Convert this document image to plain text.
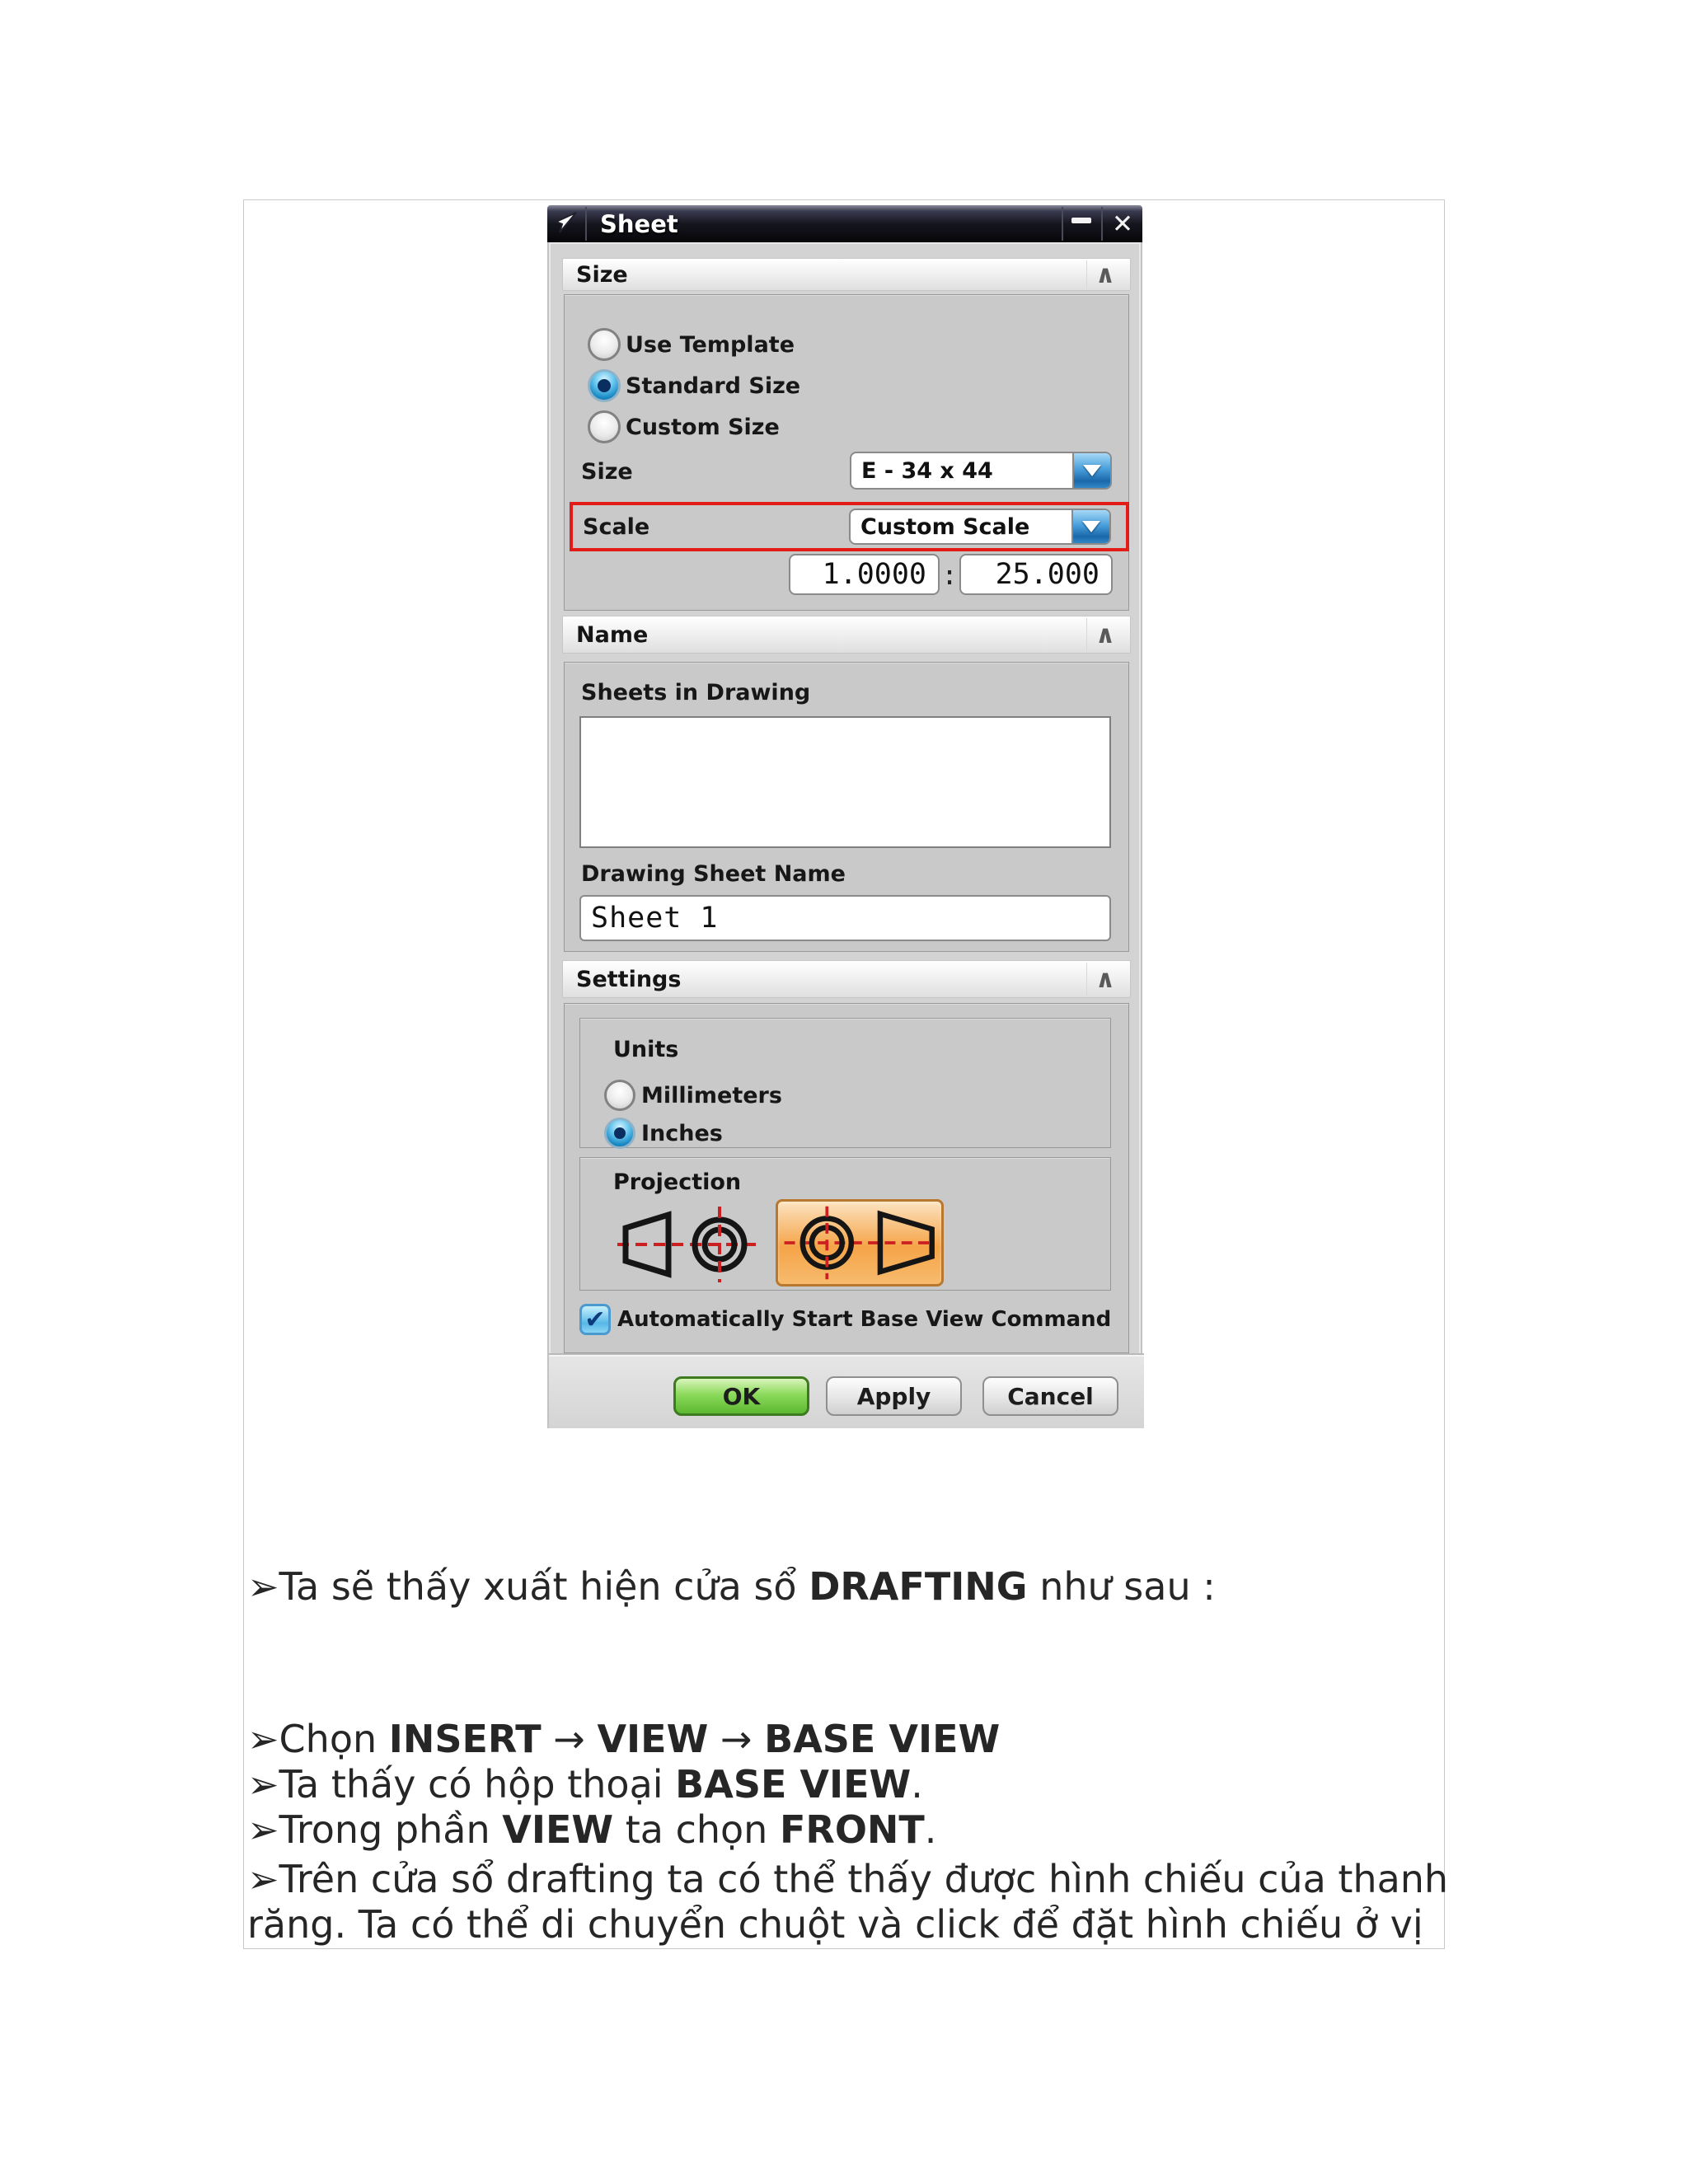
Sheet	✕
Size	∧
Use Template
Standard Size
Custom Size
Size	E - 34 x 44
Scale	Custom Scale
1.0000 :	25.000
Name	∧
Sheets in Drawing
Drawing Sheet Name
Sheet 1
Settings	∧
Units
Millimeters
Inches
Projection
✔ Automatically Start Base View Command
OK	Apply	Cancel
➢Ta sẽ thấy xuất hiện cửa sổ DRAFTING như sau :
➢Chọn INSERT → VIEW → BASE VIEW
➢Ta thấy có hộp thoại BASE VIEW.
➢Trong phần VIEW ta chọn FRONT.
➢Trên cửa sổ drafting ta có thể thấy được hình chiếu của thanh
răng. Ta có thể di chuyển chuột và click để đặt hình chiếu ở vị
